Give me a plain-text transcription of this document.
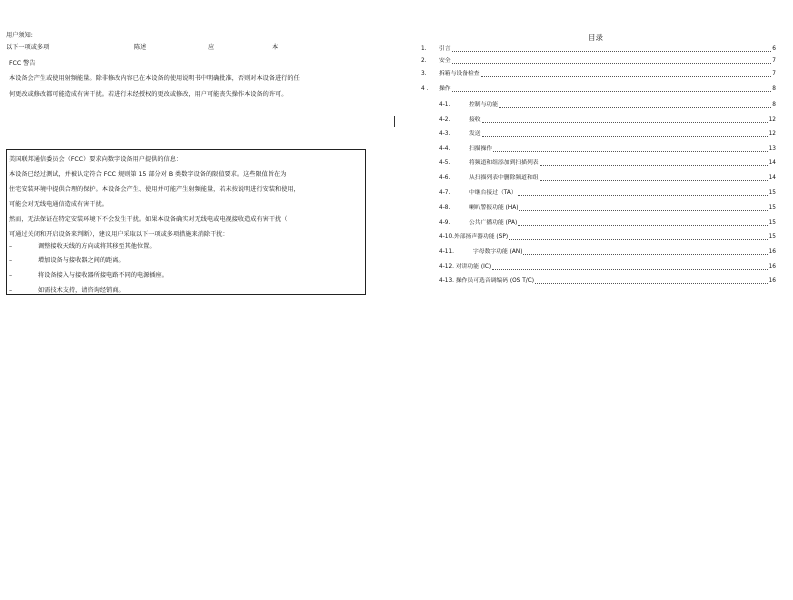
用户须知:
以下一项或多项	陈述	应	本
FCC 警告
本设备会产生或使用射频能量。除非修改内容已在本设备的使用说明书中明确批准，否则对本设备进行的任
何更改或修改都可能造成有害干扰。若进行未经授权的更改或修改，用户可能丧失操作本设备的许可。
美国联邦通信委员会（FCC）要求向数字设备用户提供的信息：
本设备已经过测试，并被认定符合 FCC 规则第 15 部分对 B 类数字设备的限值要求。这些限值旨在为
住宅安装环境中提供合理的保护。本设备会产生、使用并可能产生射频能量，若未按说明进行安装和使用，
可能会对无线电通信造成有害干扰。
然而，无法保证在特定安装环境下不会发生干扰。如果本设备确实对无线电或电视接收造成有害干扰（
可通过关闭和开启设备来判断），建议用户采取以下一项或多项措施来消除干扰：
–	调整接收天线的方向或将其移至其他位置。
–	增加设备与接收器之间的距离。
–	将设备接入与接收器所接电路不同的电源插座。
–	如需技术支持，请咨询经销商。
目录
1.	引言	6
2.	安全	7
3.	拆箱与设备检查	7
4 .	操作	8
4-1.	控制与功能	8
4-2.	接收	12
4-3.	发送	12
4-4.	扫描操作	13
4-5.	将频道和组添加到扫描列表	14
4-6.	从扫描列表中删除频道和组	14
4-7.	中继台接过（TA）	15
4-8.	喇叭警报功能 (HA)	15
4-9.	公共广播功能 (PA)	15
4-10.外部扬声器功能 (SP)	15
4-11.	字母数字功能 (AN)	16
4-12. 对讲功能 (IC)	16
4-13. 操作员可选音调编码 (OS T/C)	16
